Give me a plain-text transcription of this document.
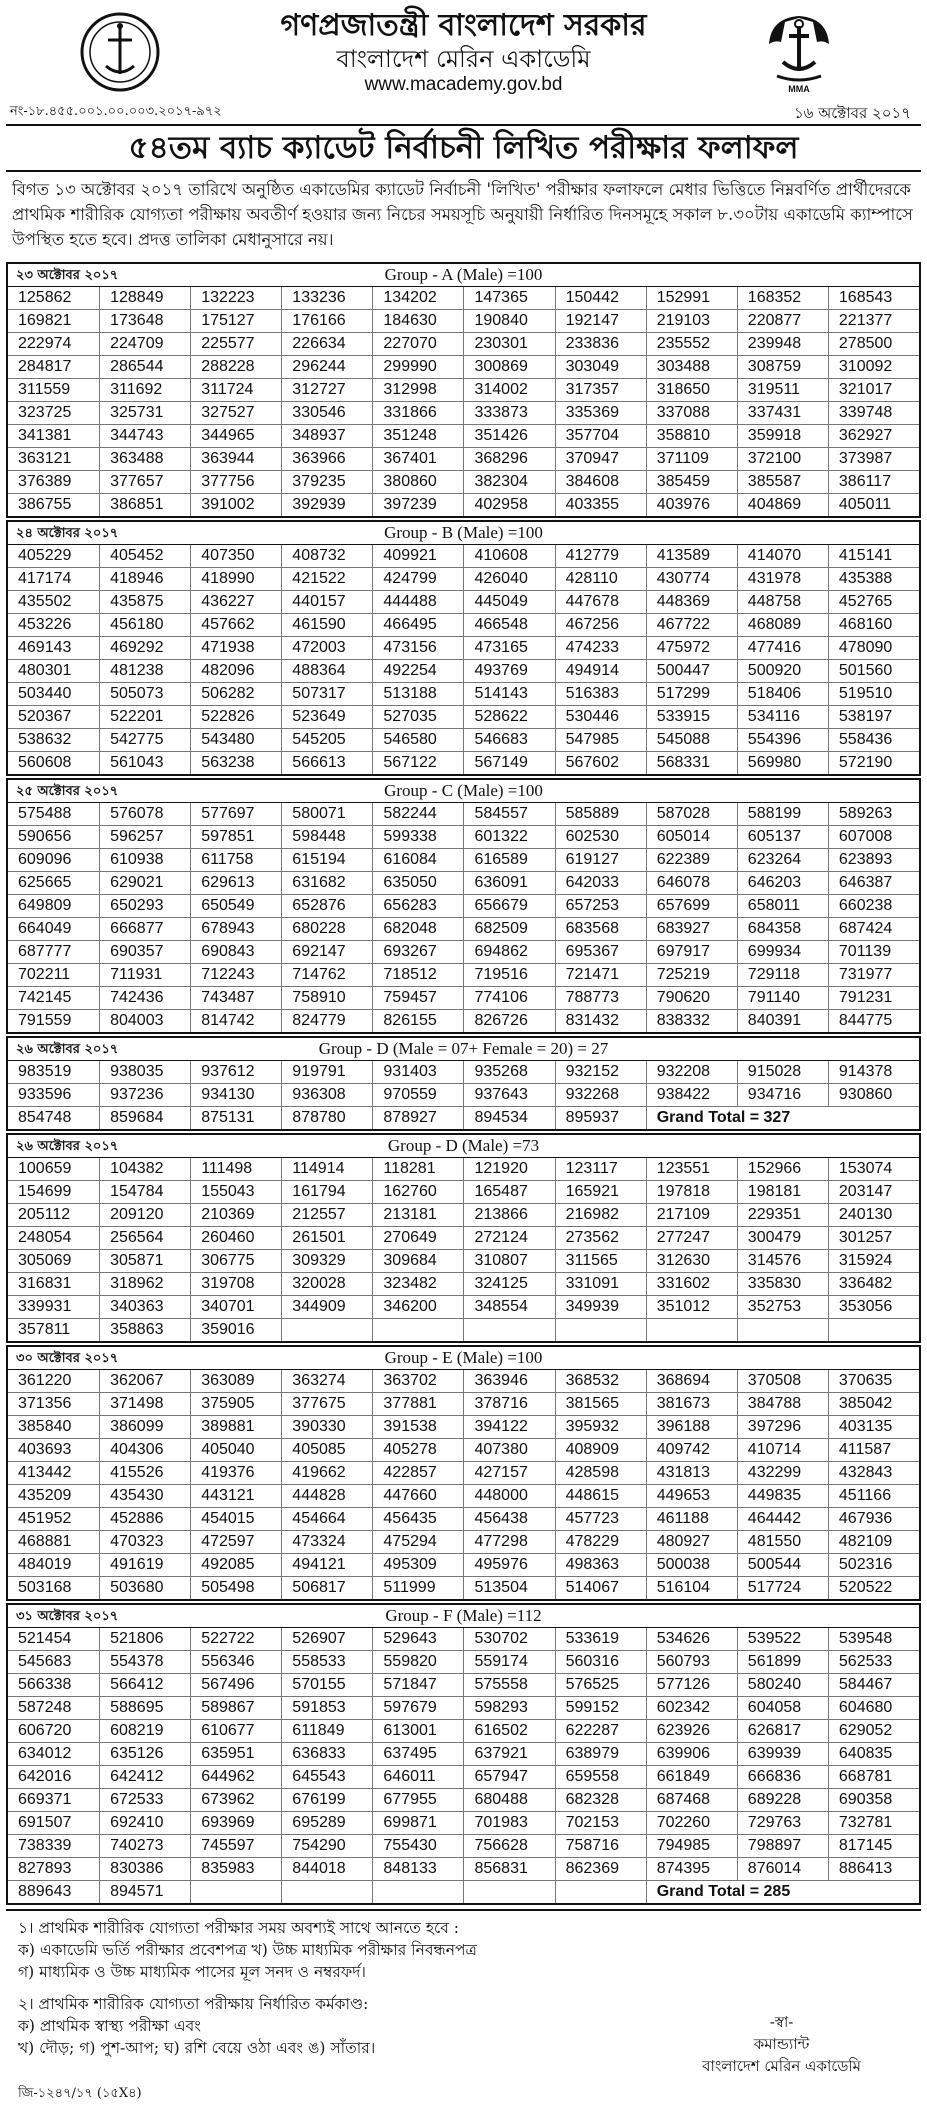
গণপ্রজাতন্ত্রী বাংলাদেশ সরকার
বাংলাদেশ মেরিন একাডেমি
www.macademy.gov.bd	MMA
নং-১৮.৪৫৫.০০১.০০.০০৩.২০১৭-৯৭২	১৬ অক্টোবর ২০১৭
৫৪তম ব্যাচ ক্যাডেট নির্বাচনী লিখিত পরীক্ষার ফলাফল
বিগত ১৩ অক্টোবর ২০১৭ তারিখে অনুষ্ঠিত একাডেমির ক্যাডেট নির্বাচনী 'লিখিত' পরীক্ষার ফলাফলে মেধার ভিত্তিতে নিম্নবর্ণিত প্রার্থীদেরকে প্রাথমিক শারীরিক যোগ্যতা পরীক্ষায় অবতীর্ণ হওয়ার জন্য নিচের সময়সূচি অনুযায়ী নির্ধারিত দিনসমূহে সকাল ৮.৩০টায় একাডেমি ক্যাম্পাসে উপস্থিত হতে হবে। প্রদত্ত তালিকা মেধানুসারে নয়।
২৩ অক্টোবর ২০১৭	Group - A (Male) =100
125862	128849	132223	133236	134202	147365	150442	152991	168352	168543
169821	173648	175127	176166	184630	190840	192147	219103	220877	221377
222974	224709	225577	226634	227070	230301	233836	235552	239948	278500
284817	286544	288228	296244	299990	300869	303049	303488	308759	310092
311559	311692	311724	312727	312998	314002	317357	318650	319511	321017
323725	325731	327527	330546	331866	333873	335369	337088	337431	339748
341381	344743	344965	348937	351248	351426	357704	358810	359918	362927
363121	363488	363944	363966	367401	368296	370947	371109	372100	373987
376389	377657	377756	379235	380860	382304	384608	385459	385587	386117
386755	386851	391002	392939	397239	402958	403355	403976	404869	405011
২৪ অক্টোবর ২০১৭	Group - B (Male) =100
405229	405452	407350	408732	409921	410608	412779	413589	414070	415141
417174	418946	418990	421522	424799	426040	428110	430774	431978	435388
435502	435875	436227	440157	444488	445049	447678	448369	448758	452765
453226	456180	457662	461590	466495	466548	467256	467722	468089	468160
469143	469292	471938	472003	473156	473165	474233	475972	477416	478090
480301	481238	482096	488364	492254	493769	494914	500447	500920	501560
503440	505073	506282	507317	513188	514143	516383	517299	518406	519510
520367	522201	522826	523649	527035	528622	530446	533915	534116	538197
538632	542775	543480	545205	546580	546683	547985	545088	554396	558436
560608	561043	563238	566613	567122	567149	567602	568331	569980	572190
২৫ অক্টোবর ২০১৭	Group - C (Male) =100
575488	576078	577697	580071	582244	584557	585889	587028	588199	589263
590656	596257	597851	598448	599338	601322	602530	605014	605137	607008
609096	610938	611758	615194	616084	616589	619127	622389	623264	623893
625665	629021	629613	631682	635050	636091	642033	646078	646203	646387
649809	650293	650549	652876	656283	656679	657253	657699	658011	660238
664049	666877	678943	680228	682048	682509	683568	683927	684358	687424
687777	690357	690843	692147	693267	694862	695367	697917	699934	701139
702211	711931	712243	714762	718512	719516	721471	725219	729118	731977
742145	742436	743487	758910	759457	774106	788773	790620	791140	791231
791559	804003	814742	824779	826155	826726	831432	838332	840391	844775
২৬ অক্টোবর ২০১৭	Group - D (Male = 07+ Female = 20) = 27
983519	938035	937612	919791	931403	935268	932152	932208	915028	914378
933596	937236	934130	936308	970559	937643	932268	938422	934716	930860
854748	859684	875131	878780	878927	894534	895937	Grand Total = 327
২৬ অক্টোবর ২০১৭	Group - D (Male) =73
100659	104382	111498	114914	118281	121920	123117	123551	152966	153074
154699	154784	155043	161794	162760	165487	165921	197818	198181	203147
205112	209120	210369	212557	213181	213866	216982	217109	229351	240130
248054	256564	260460	261501	270649	272124	273562	277247	300479	301257
305069	305871	306775	309329	309684	310807	311565	312630	314576	315924
316831	318962	319708	320028	323482	324125	331091	331602	335830	336482
339931	340363	340701	344909	346200	348554	349939	351012	352753	353056
357811	358863	359016
৩০ অক্টোবর ২০১৭	Group - E (Male) =100
361220	362067	363089	363274	363702	363946	368532	368694	370508	370635
371356	371498	375905	377675	377881	378716	381565	381673	384788	385042
385840	386099	389881	390330	391538	394122	395932	396188	397296	403135
403693	404306	405040	405085	405278	407380	408909	409742	410714	411587
413442	415526	419376	419662	422857	427157	428598	431813	432299	432843
435209	435430	443121	444828	447660	448000	448615	449653	449835	451166
451952	452886	454015	454664	456435	456438	457723	461188	464442	467936
468881	470323	472597	473324	475294	477298	478229	480927	481550	482109
484019	491619	492085	494121	495309	495976	498363	500038	500544	502316
503168	503680	505498	506817	511999	513504	514067	516104	517724	520522
৩১ অক্টোবর ২০১৭	Group - F (Male) =112
521454	521806	522722	526907	529643	530702	533619	534626	539522	539548
545683	554378	556346	558533	559820	559174	560316	560793	561899	562533
566338	566412	567496	570155	571847	575558	576525	577126	580240	584467
587248	588695	589867	591853	597679	598293	599152	602342	604058	604680
606720	608219	610677	611849	613001	616502	622287	623926	626817	629052
634012	635126	635951	636833	637495	637921	638979	639906	639939	640835
642016	642412	644962	645543	646011	657947	659558	661849	666836	668781
669371	672533	673962	676199	677955	680488	682328	687468	689228	690358
691507	692410	693969	695289	699871	701983	702153	702260	729763	732781
738339	740273	745597	754290	755430	756628	758716	794985	798897	817145
827893	830386	835983	844018	848133	856831	862369	874395	876014	886413
889643	894571	Grand Total = 285

১। প্রাথমিক শারীরিক যোগ্যতা পরীক্ষার সময় অবশ্যই সাথে আনতে হবে :

ক) একাডেমি ভর্তি পরীক্ষার প্রবেশপত্র খ) উচ্চ মাধ্যমিক পরীক্ষার নিবন্ধনপত্র

গ) মাধ্যমিক ও উচ্চ মাধ্যমিক পাসের মূল সনদ ও নম্বরফর্দ।

২। প্রাথমিক শারীরিক যোগ্যতা পরীক্ষায় নির্ধারিত কর্মকাণ্ড:

ক) প্রাথমিক স্বাস্থ্য পরীক্ষা এবং

খ) দৌড়; গ) পুশ-আপ; ঘ) রশি বেয়ে ওঠা এবং ঙ) সাঁতার।

-স্বা-
কমান্ড্যান্ট
বাংলাদেশ মেরিন একাডেমি
জি-১২৪৭/১৭ (১৫X৪)
